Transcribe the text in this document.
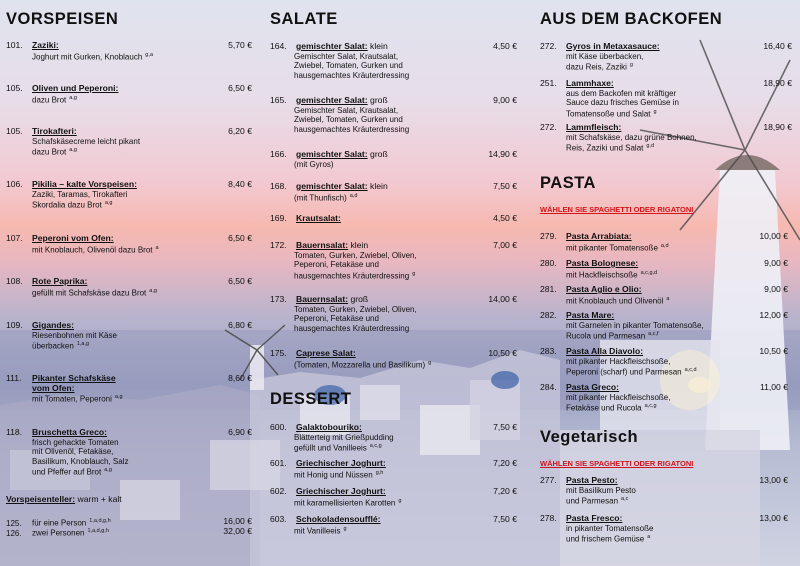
VORSPEISEN
101. Zaziki:	5,70 €
Joghurt mit Gurken, Knoblauch $^{g,a}$
105. Oliven und Peperoni:	6,50 €
dazu Brot $^{a,g}$
105. Tirokafteri:	6,20 €
Schafskäsecreme leicht pikant
dazu Brot $^{a,g}$
106. Pikilia – kalte Vorspeisen:	8,40 €
Zaziki, Taramas, Tirokafteri
Skordalia dazu Brot $^{a,g}$
107. Peperoni vom Ofen:	6,50 €
mit Knoblauch, Olivenöl dazu Brot $^a$
108. Rote Paprika:	6,50 €
gefüllt mit Schafskäse dazu Brot $^{a,g}$
109. Gigandes:	6,80 €
Riesenbohnen mit Käse
überbacken $^{1,a,g}$
111. Pikanter Schafskäse	8,60 €
vom Ofen:
mit Tomaten, Peperoni $^{a,g}$
118. Bruschetta Greco:	6,90 €
frisch gehackte Tomaten
mit Olivenöl, Fetakäse,
Basilikum, Knoblauch, Salz
und Pfeffer auf Brot $^{a,g}$
Vorspeisenteller: warm + kalt
125. für eine Person $^{1,a,d,g,h}$	16,00 €
126. zwei Personen $^{1,a,d,g,h}$	32,00 €
SALATE
164. gemischter Salat: klein	4,50 €
Gemischter Salat, Krautsalat,
Zwiebel, Tomaten, Gurken und
hausgemachtes Kräuterdressing
165. gemischter Salat: groß	9,00 €
Gemischter Salat, Krautsalat,
Zwiebel, Tomaten, Gurken und
hausgemachtes Kräuterdressing
166. gemischter Salat: groß	14,90 €
(mit Gyros)
168. gemischter Salat: klein	7,50 €
(mit Thunfisch) $^{a,d}$
169. Krautsalat:	4,50 €
172. Bauernsalat: klein	7,00 €
Tomaten, Gurken, Zwiebel, Oliven,
Peperoni, Fetakäse und
hausgemachtes Kräuterdressing $^g$
173. Bauernsalat: groß	14,00 €
Tomaten, Gurken, Zwiebel, Oliven,
Peperoni, Fetakäse und
hausgemachtes Kräuterdressing
175. Caprese Salat:	10,50 €
(Tomaten, Mozzarella und Basilikum) $^g$
DESSERT
600. Galaktobouriko:	7,50 €
Blätterteig mit Grießpudding
gefüllt und Vanilleeis $^{a,c,g}$
601. Griechischer Joghurt:	7,20 €
mit Honig und Nüssen $^{g,h}$
602. Griechischer Joghurt:	7,20 €
mit karamellisierten Karotten $^g$
603. Schokoladensoufflé:	7,50 €
mit Vanilleeis $^g$
AUS DEM BACKOFEN
272. Gyros in Metaxasauce:	16,40 €
mit Käse überbacken,
dazu Reis, Zaziki $^g$
251. Lammhaxe:	18,90 €
aus dem Backofen mit kräftiger
Sauce dazu frisches Gemüse in
Tomatensoße und Salat $^g$
272. Lammfleisch:	18,90 €
mit Schafskäse, dazu grüne Bohnen,
Reis, Zaziki und Salat $^{g,d}$
PASTA
WÄHLEN SIE SPAGHETTI ODER RIGATONI
279. Pasta Arrabiata:	10,00 €
mit pikanter Tomatensoße $^{a,d}$
280. Pasta Bolognese:	9,00 €
mit Hackfleischsoße $^{a,c,g,d}$
281. Pasta Aglio e Olio:	9,00 €
mit Knoblauch und Olivenöl $^a$
282. Pasta Mare:	12,00 €
mit Garnelen in pikanter Tomatensoße,
Rucola und Parmesan $^{a,c,f}$
283. Pasta Alla Diavolo:	10,50 €
mit pikanter Hackfleischsoße,
Peperoni (scharf) und Parmesan $^{a,c,d}$
284. Pasta Greco:	11,00 €
mit pikanter Hackfleischsoße,
Fetakäse und Rucola $^{a,c,g}$
Vegetarisch
WÄHLEN SIE SPAGHETTI ODER RIGATONI
277. Pasta Pesto:	13,00 €
mit Basilikum Pesto
und Parmesan $^{a,c}$
278. Pasta Fresco:	13,00 €
in pikanter Tomatensoße
und frischem Gemüse $^a$
